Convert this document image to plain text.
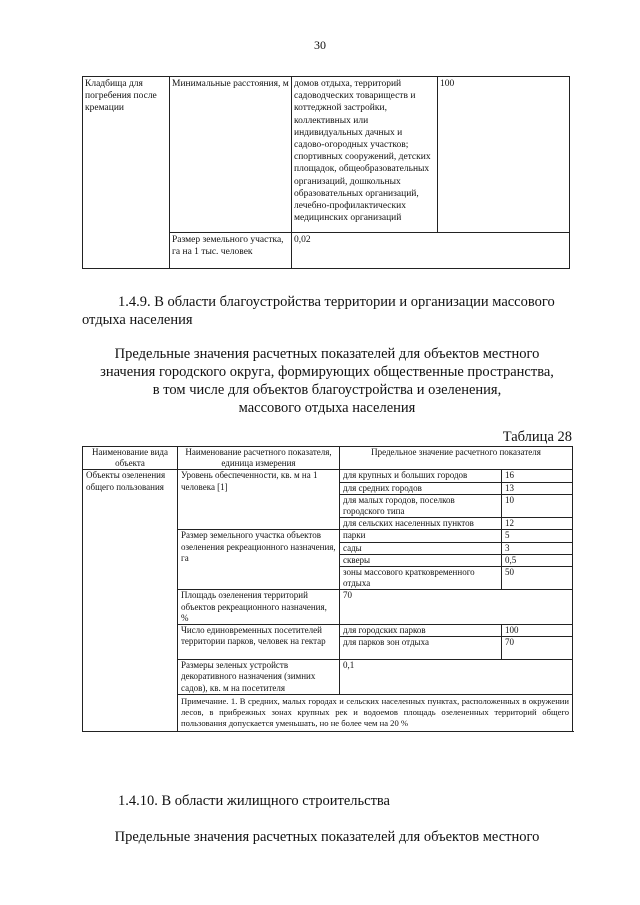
30
Кладбища для погребения после кремации	Минимальные расстояния, м	домов отдыха, территорий садоводческих товариществ и коттеджной застройки, коллективных или индивидуальных дачных и садово-огородных участков; спортивных сооружений, детских площадок, общеобразовательных организаций, дошкольных образовательных организаций, лечебно-профилактических медицинских организаций	100
	Размер земельного участка, га на 1 тыс. человек	0,02	
1.4.9. В области благоустройства территории и организации массового отдыха населения
Предельные значения расчетных показателей для объектов местного
значения городского округа, формирующих общественные пространства,
в том числе для объектов благоустройства и озеленения,
массового отдыха населения
Таблица 28
Наименование вида объекта	Наименование расчетного показателя, единица измерения	Предельное значение расчетного показателя	
Объекты озеленения общего пользования	Уровень обеспеченности, кв. м на 1 человека [1]	для крупных и больших городов	16
		для средних городов	13
		для малых городов, поселков городского типа	10
		для сельских населенных пунктов	12
	Размер земельного участка объектов озеленения рекреационного назначения, га	парки	5
		сады	3
		скверы	0,5
		зоны массового кратковременного отдыха	50
	Площадь озеленения территорий объектов рекреационного назначения, %	70	
	Число единовременных посетителей территории парков, человек на гектар	для городских парков	100
		для парков зон отдыха	70
	Размеры зеленых устройств декоративного назначения (зимних садов), кв. м на посетителя	0,1	
	Примечание. 1. В средних, малых городах и сельских населенных пунктах, расположенных в окружении лесов, в прибрежных зонах крупных рек и водоемов площадь озелененных территорий общего пользования допускается уменьшать, но не более чем на 20 %		
1.4.10. В области жилищного строительства
Предельные значения расчетных показателей для объектов местного
